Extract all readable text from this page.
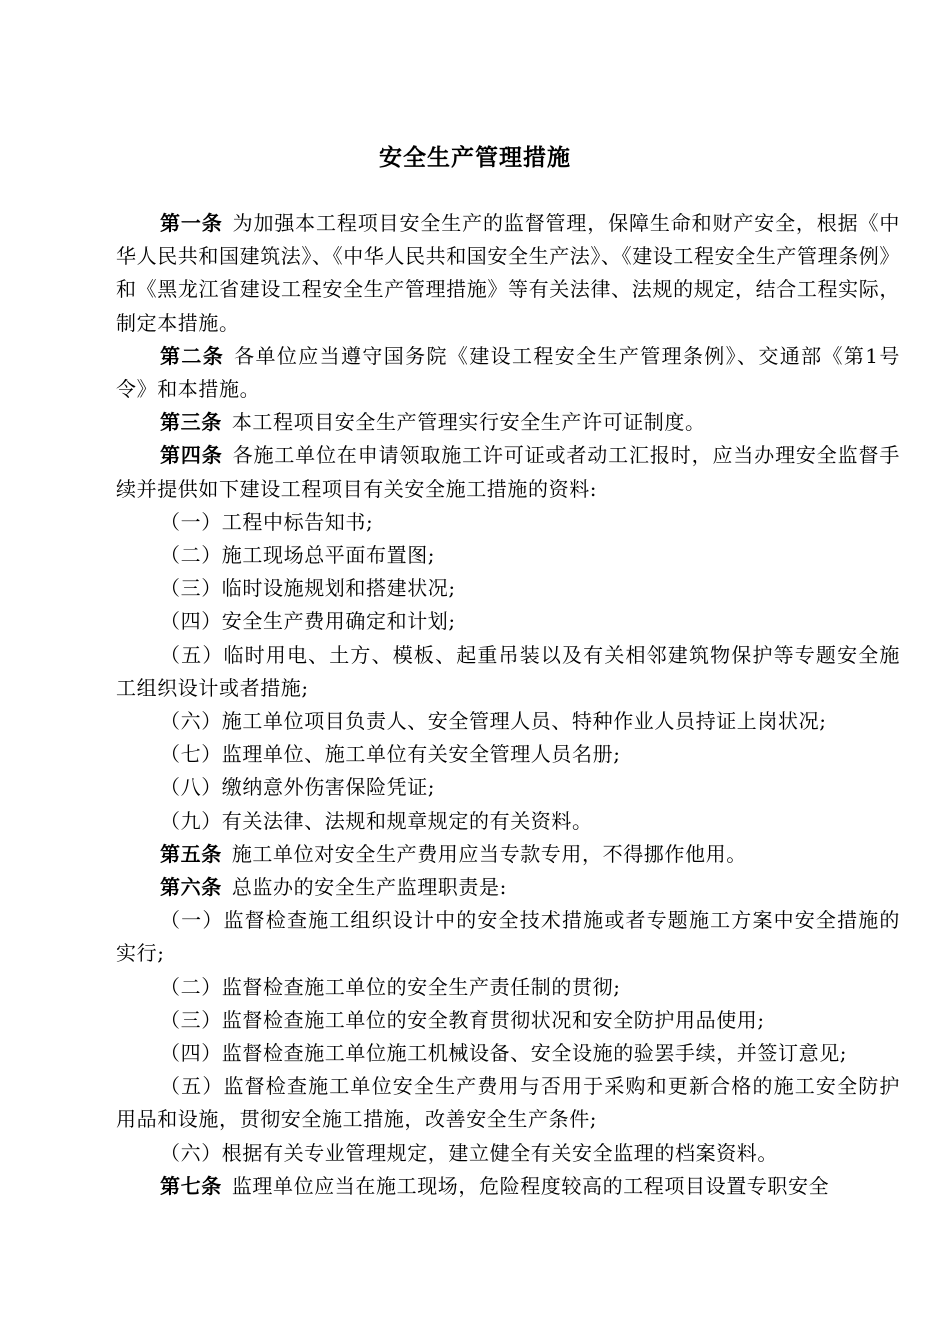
安全生产管理措施

第一条 为加强本工程项目安全生产的监督管理，保障生命和财产安全，根据《中华人民共和国建筑法》、《中华人民共和国安全生产法》、《建设工程安全生产管理条例》和《黑龙江省建设工程安全生产管理措施》等有关法律、法规的规定，结合工程实际，制定本措施。

第二条 各单位应当遵守国务院《建设工程安全生产管理条例》、交通部《第1号令》和本措施。

第三条 本工程项目安全生产管理实行安全生产许可证制度。

第四条 各施工单位在申请领取施工许可证或者动工汇报时，应当办理安全监督手续并提供如下建设工程项目有关安全施工措施的资料:

（一）工程中标告知书;

（二）施工现场总平面布置图;

（三）临时设施规划和搭建状况;

（四）安全生产费用确定和计划;

（五）临时用电、土方、模板、起重吊装以及有关相邻建筑物保护等专题安全施工组织设计或者措施;

（六）施工单位项目负责人、安全管理人员、特种作业人员持证上岗状况;

（七）监理单位、施工单位有关安全管理人员名册;

（八）缴纳意外伤害保险凭证;

（九）有关法律、法规和规章规定的有关资料。

第五条 施工单位对安全生产费用应当专款专用，不得挪作他用。

第六条 总监办的安全生产监理职责是:

（一）监督检查施工组织设计中的安全技术措施或者专题施工方案中安全措施的实行;

（二）监督检查施工单位的安全生产责任制的贯彻;

（三）监督检查施工单位的安全教育贯彻状况和安全防护用品使用;

（四）监督检查施工单位施工机械设备、安全设施的验罢手续，并签订意见;

（五）监督检查施工单位安全生产费用与否用于采购和更新合格的施工安全防护用品和设施，贯彻安全施工措施，改善安全生产条件;

（六）根据有关专业管理规定，建立健全有关安全监理的档案资料。

第七条 监理单位应当在施工现场，危险程度较高的工程项目设置专职安全
